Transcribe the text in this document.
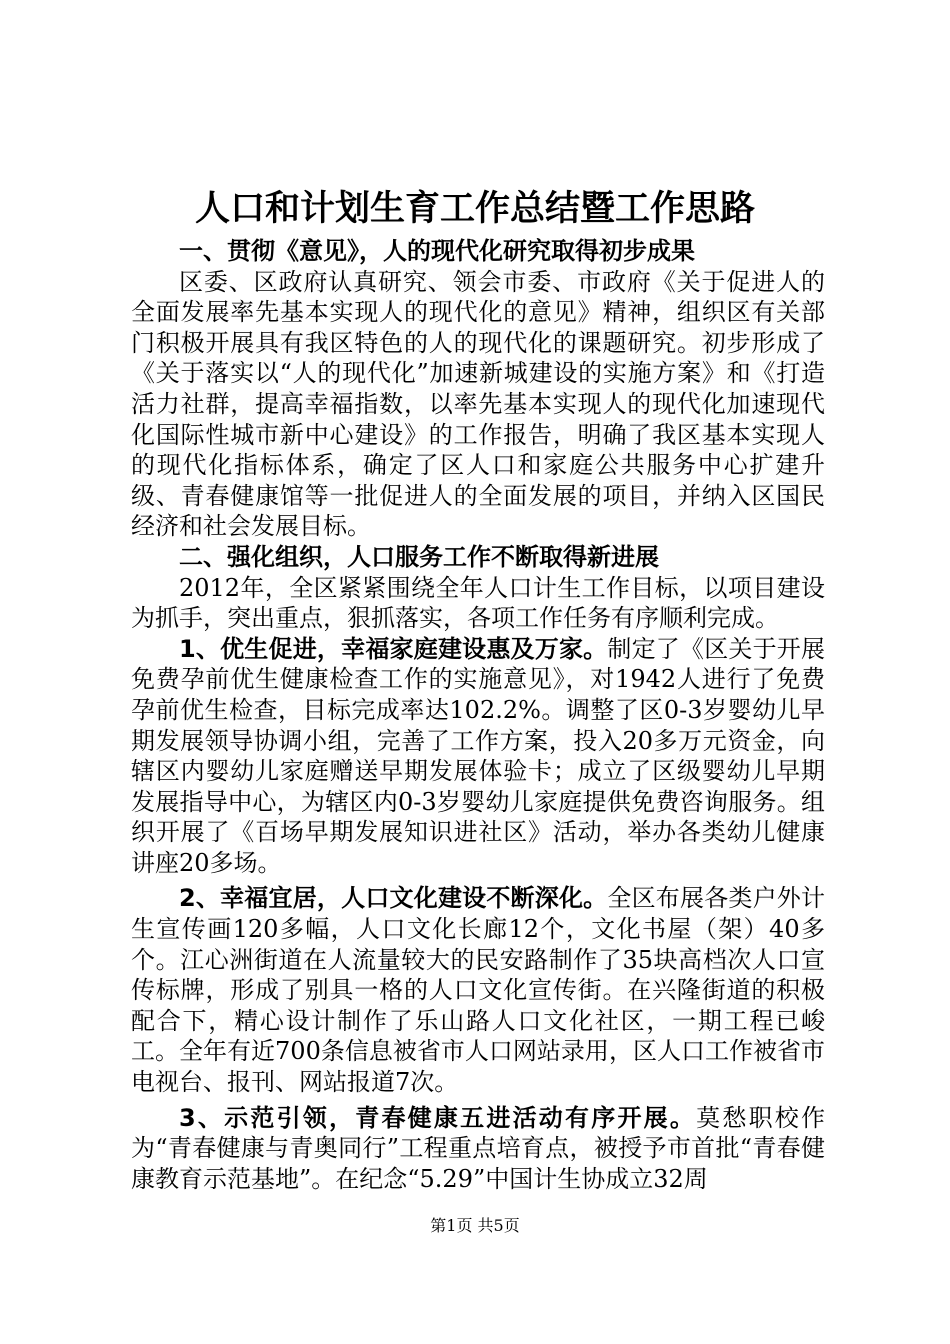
人口和计划生育工作总结暨工作思路

一、贯彻《意见》，人的现代化研究取得初步成果

区委、区政府认真研究、领会市委、市政府《关于促进人的全面发展率先基本实现人的现代化的意见》精神，组织区有关部门积极开展具有我区特色的人的现代化的课题研究。初步形成了《关于落实以“人的现代化”加速新城建设的实施方案》和《打造活力社群，提高幸福指数，以率先基本实现人的现代化加速现代化国际性城市新中心建设》的工作报告，明确了我区基本实现人的现代化指标体系，确定了区人口和家庭公共服务中心扩建升级、青春健康馆等一批促进人的全面发展的项目，并纳入区国民经济和社会发展目标。

二、强化组织，人口服务工作不断取得新进展

2012年，全区紧紧围绕全年人口计生工作目标，以项目建设为抓手，突出重点，狠抓落实，各项工作任务有序顺利完成。

1、优生促进，幸福家庭建设惠及万家。制定了《区关于开展免费孕前优生健康检查工作的实施意见》，对1942人进行了免费孕前优生检查，目标完成率达102.2%。调整了区0-3岁婴幼儿早期发展领导协调小组，完善了工作方案，投入20多万元资金，向辖区内婴幼儿家庭赠送早期发展体验卡；成立了区级婴幼儿早期发展指导中心，为辖区内0-3岁婴幼儿家庭提供免费咨询服务。组织开展了《百场早期发展知识进社区》活动，举办各类幼儿健康讲座20多场。

2、幸福宜居，人口文化建设不断深化。全区布展各类户外计生宣传画120多幅，人口文化长廊12个，文化书屋（架）40多个。江心洲街道在人流量较大的民安路制作了35块高档次人口宣传标牌，形成了别具一格的人口文化宣传街。在兴隆街道的积极配合下，精心设计制作了乐山路人口文化社区，一期工程已峻工。全年有近700条信息被省市人口网站录用，区人口工作被省市电视台、报刊、网站报道7次。

3、示范引领，青春健康五进活动有序开展。莫愁职校作为“青春健康与青奥同行”工程重点培育点，被授予市首批“青春健康教育示范基地”。在纪念“5.29”中国计生协成立32周

第1页 共5页
